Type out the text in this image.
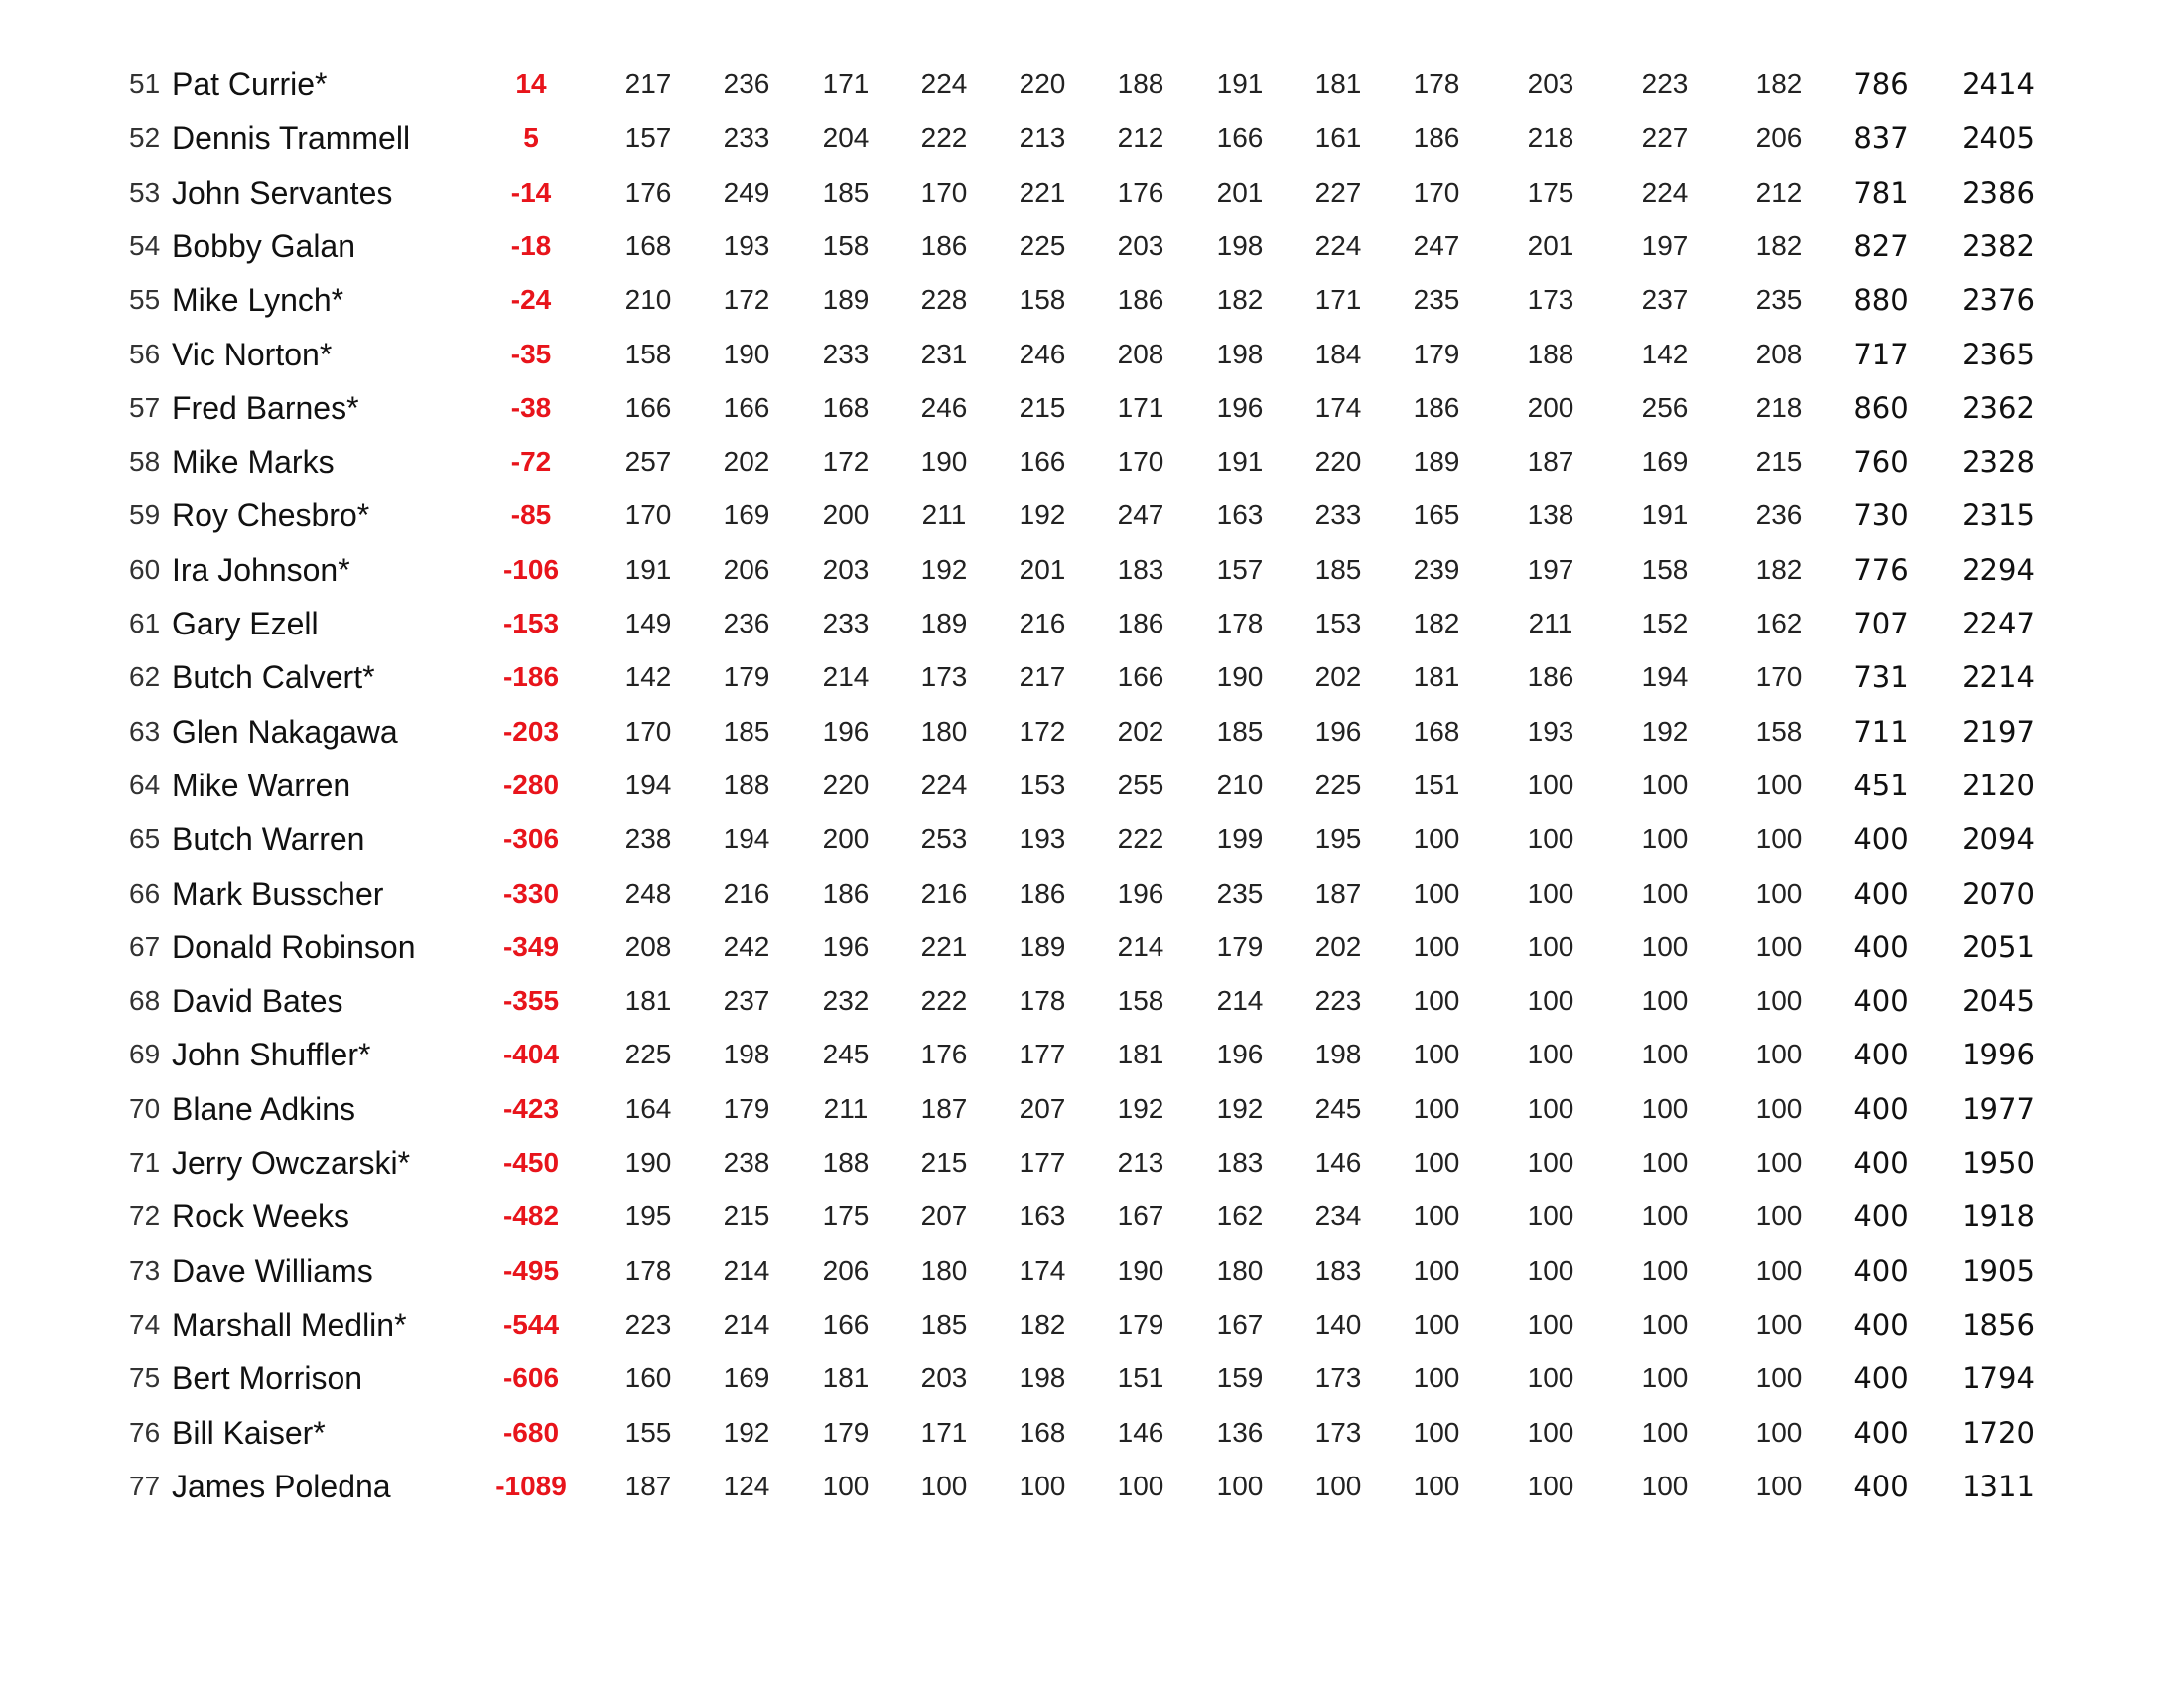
51 Pat Currie*	14	217	236	171	224	220	188	191	181	178	203	223	182	786	2414
52 Dennis Trammell	5	157	233	204	222	213	212	166	161	186	218	227	206	837	2405
53 John Servantes	-14	176	249	185	170	221	176	201	227	170	175	224	212	781	2386
54 Bobby Galan	-18	168	193	158	186	225	203	198	224	247	201	197	182	827	2382
55 Mike Lynch*	-24	210	172	189	228	158	186	182	171	235	173	237	235	880	2376
56 Vic Norton*	-35	158	190	233	231	246	208	198	184	179	188	142	208	717	2365
57 Fred Barnes*	-38	166	166	168	246	215	171	196	174	186	200	256	218	860	2362
58 Mike Marks	-72	257	202	172	190	166	170	191	220	189	187	169	215	760	2328
59 Roy Chesbro*	-85	170	169	200	211	192	247	163	233	165	138	191	236	730	2315
60 Ira Johnson*	-106	191	206	203	192	201	183	157	185	239	197	158	182	776	2294
61 Gary Ezell	-153	149	236	233	189	216	186	178	153	182	211	152	162	707	2247
62 Butch Calvert*	-186	142	179	214	173	217	166	190	202	181	186	194	170	731	2214
63 Glen Nakagawa	-203	170	185	196	180	172	202	185	196	168	193	192	158	711	2197
64 Mike Warren	-280	194	188	220	224	153	255	210	225	151	100	100	100	451	2120
65 Butch Warren	-306	238	194	200	253	193	222	199	195	100	100	100	100	400	2094
66 Mark Busscher	-330	248	216	186	216	186	196	235	187	100	100	100	100	400	2070
67 Donald Robinson	-349	208	242	196	221	189	214	179	202	100	100	100	100	400	2051
68 David Bates	-355	181	237	232	222	178	158	214	223	100	100	100	100	400	2045
69 John Shuffler*	-404	225	198	245	176	177	181	196	198	100	100	100	100	400	1996
70 Blane Adkins	-423	164	179	211	187	207	192	192	245	100	100	100	100	400	1977
71 Jerry Owczarski*	-450	190	238	188	215	177	213	183	146	100	100	100	100	400	1950
72 Rock Weeks	-482	195	215	175	207	163	167	162	234	100	100	100	100	400	1918
73 Dave Williams	-495	178	214	206	180	174	190	180	183	100	100	100	100	400	1905
74 Marshall Medlin*	-544	223	214	166	185	182	179	167	140	100	100	100	100	400	1856
75 Bert Morrison	-606	160	169	181	203	198	151	159	173	100	100	100	100	400	1794
76 Bill Kaiser*	-680	155	192	179	171	168	146	136	173	100	100	100	100	400	1720
77 James Poledna	-1089	187	124	100	100	100	100	100	100	100	100	100	100	400	1311
